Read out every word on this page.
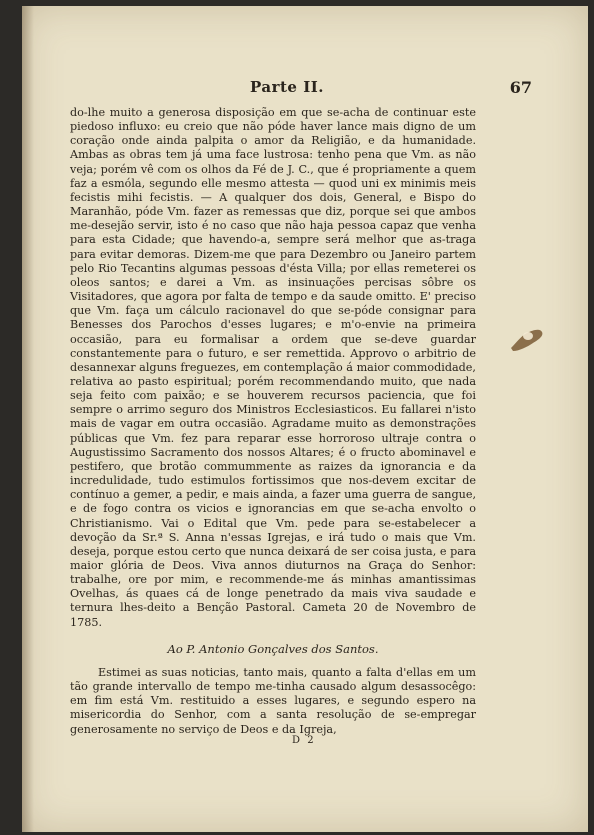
Parte II.	67

do-lhe muito a generosa disposição em que se-acha de continuar este piedoso influxo: eu creio que não póde haver lance mais digno de um coração onde ainda palpita o amor da Religião, e da humanidade. Ambas as obras tem já uma face lustrosa: tenho pena que Vm. as não veja; porém vê com os olhos da Fé de J. C., que é propriamente a quem faz a esmóla, segundo elle mesmo attesta — quod uni ex minimis meis fecistis mihi fecistis. — A qualquer dos dois, General, e Bispo do Maranhão, póde Vm. fazer as remessas que diz, porque sei que ambos me-desejão servir, isto é no caso que não haja pessoa capaz que venha para esta Cidade; que havendo-a, sempre será melhor que as-traga para evitar demoras. Dizem-me que para Dezembro ou Janeiro partem pelo Rio Tecantins algumas pessoas d'ésta Villa; por ellas remeterei os oleos santos; e darei a Vm. as insinuações percisas sôbre os Visitadores, que agora por falta de tempo e da saude omitto. E' preciso que Vm. faça um cálculo racionavel do que se-póde consignar para Benesses dos Parochos d'esses lugares; e m'o-envie na primeira occasião, para eu formalisar a ordem que se-deve guardar constantemente para o futuro, e ser remettida. Approvo o arbitrio de desannexar alguns freguezes, em contemplação á maior commodidade, relativa ao pasto espiritual; porém recommendando muito, que nada seja feito com paixão; e se houverem recursos paciencia, que foi sempre o arrimo seguro dos Ministros Ecclesiasticos. Eu fallarei n'isto mais de vagar em outra occasião. Agradame muito as demonstrações públicas que Vm. fez para reparar esse horroroso ultraje contra o Augustissimo Sacramento dos nossos Altares; é o fructo abominavel e pestifero, que brotão commummente as raizes da ignorancia e da incredulidade, tudo estimulos fortissimos que nos-devem excitar de contínuo a gemer, a pedir, e mais ainda, a fazer uma guerra de sangue, e de fogo contra os vicios e ignorancias em que se-acha envolto o Christianismo. Vai o Edital que Vm. pede para se-estabelecer a devoção da Sr.ª S. Anna n'essas Igrejas, e irá tudo o mais que Vm. deseja, porque estou certo que nunca deixará de ser coisa justa, e para maior glória de Deos. Viva annos diuturnos na Graça do Senhor: trabalhe, ore por mim, e recommende-me ás minhas amantissimas Ovelhas, ás quaes cá de longe penetrado da mais viva saudade e ternura lhes-deito a Benção Pastoral. Cameta 20 de Novembro de 1785.

Ao P. Antonio Gonçalves dos Santos.

Estimei as suas noticias, tanto mais, quanto a falta d'ellas em um tão grande intervallo de tempo me-tinha causado algum desassocêgo: em fim está Vm. restituido a esses lugares, e segundo espero na misericordia do Senhor, com a santa resolução de se-empregar generosamente no serviço de Deos e da Igreja,

D 2
